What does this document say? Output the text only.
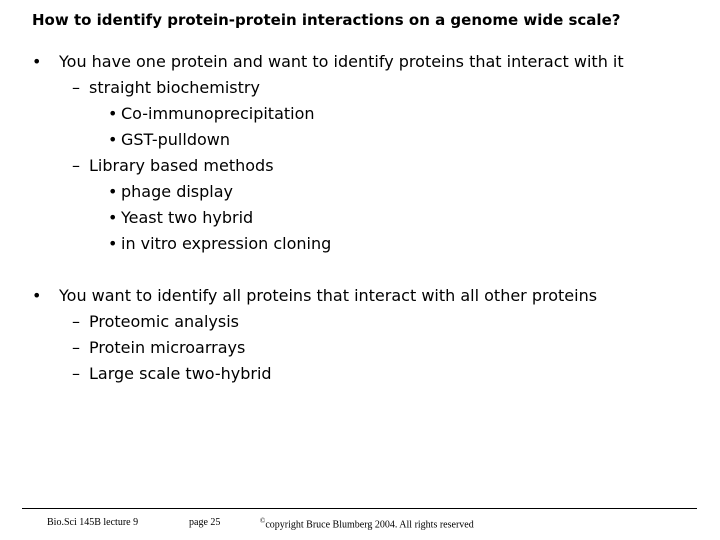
How to identify protein-protein interactions on a genome wide scale?
• You have one protein and want to identify proteins that interact with it
– straight biochemistry
• Co-immunoprecipitation
• GST-pulldown
– Library based methods
• phage display
• Yeast two hybrid
• in vitro expression cloning
• You want to identify all proteins that interact with all other proteins
– Proteomic analysis
– Protein microarrays
– Large scale two-hybrid
Bio.Sci 145B lecture 9	page 25	©copyright Bruce Blumberg 2004. All rights reserved
